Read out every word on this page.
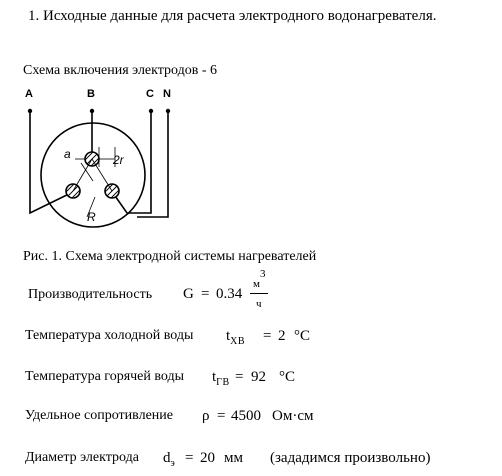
1. Исходные данные для расчета электродного водонагревателя.
Схема включения электродов - 6
A	B	C N
a	2r
R
Рис. 1. Схема электродной системы нагревателей
Производительность G = 0.34
3
м
ч
Температура холодной воды $t_{ХВ} = 2$ °C
Температура горячей воды $t_{ГВ} = 92$ °C
Удельное сопротивление ρ = 4500 Ом·см
Диаметр электрода $d_э = 20$ мм (зададимся произвольно)
